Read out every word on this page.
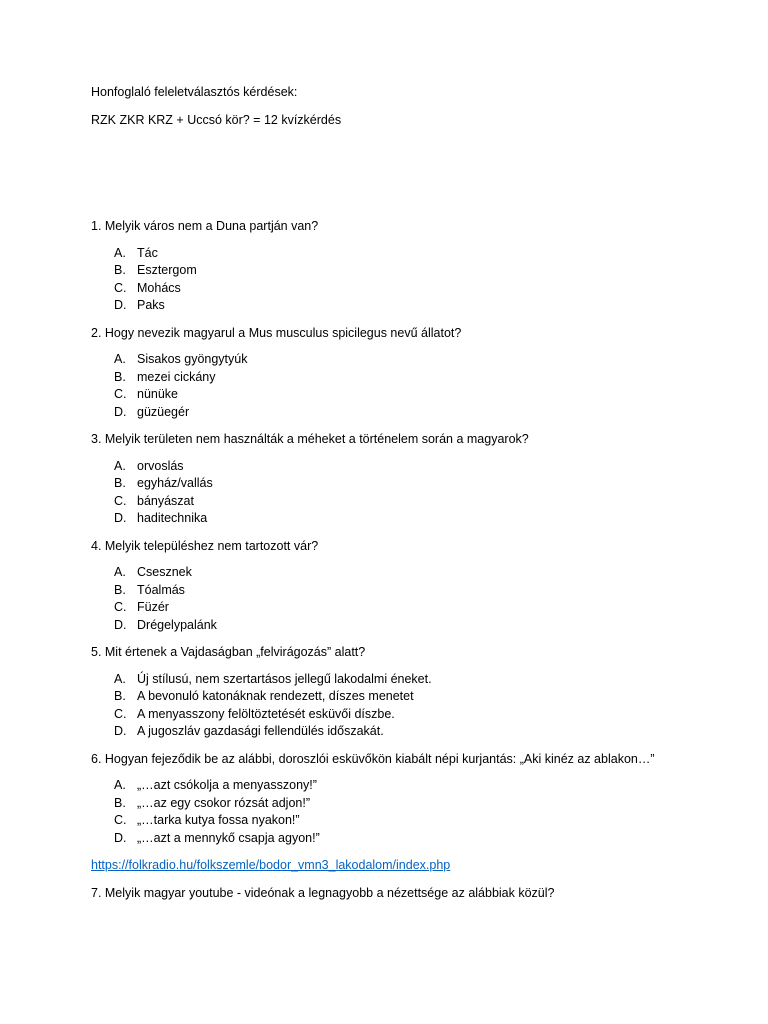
Honfoglaló feleletválasztós kérdések:

RZK ZKR KRZ + Uccsó kör? = 12 kvízkérdés

1. Melyik város nem a Duna partján van?

A. Tác
B. Esztergom
C. Mohács
D. Paks

2. Hogy nevezik magyarul a Mus musculus spicilegus nevű állatot?

A. Sisakos gyöngytyúk
B. mezei cickány
C. nünüke
D. güzüegér

3. Melyik területen nem használták a méheket a történelem során a magyarok?

A. orvoslás
B. egyház/vallás
C. bányászat
D. haditechnika

4. Melyik településhez nem tartozott vár?

A. Csesznek
B. Tóalmás
C. Füzér
D. Drégelypalánk

5. Mit értenek a Vajdaságban „felvirágozás” alatt?

A. Új stílusú, nem szertartásos jellegű lakodalmi éneket.
B. A bevonuló katonáknak rendezett, díszes menetet
C. A menyasszony felöltöztetését esküvői díszbe.
D. A jugoszláv gazdasági fellendülés időszakát.

6. Hogyan fejeződik be az alábbi, doroszlói esküvőkön kiabált népi kurjantás: „Aki kinéz az ablakon…”

A. „…azt csókolja a menyasszony!”
B. „…az egy csokor rózsát adjon!”
C. „…tarka kutya fossa nyakon!”
D. „…azt a mennykő csapja agyon!”

https://folkradio.hu/folkszemle/bodor_vmn3_lakodalom/index.php

7. Melyik magyar youtube - videónak a legnagyobb a nézettsége az alábbiak közül?
